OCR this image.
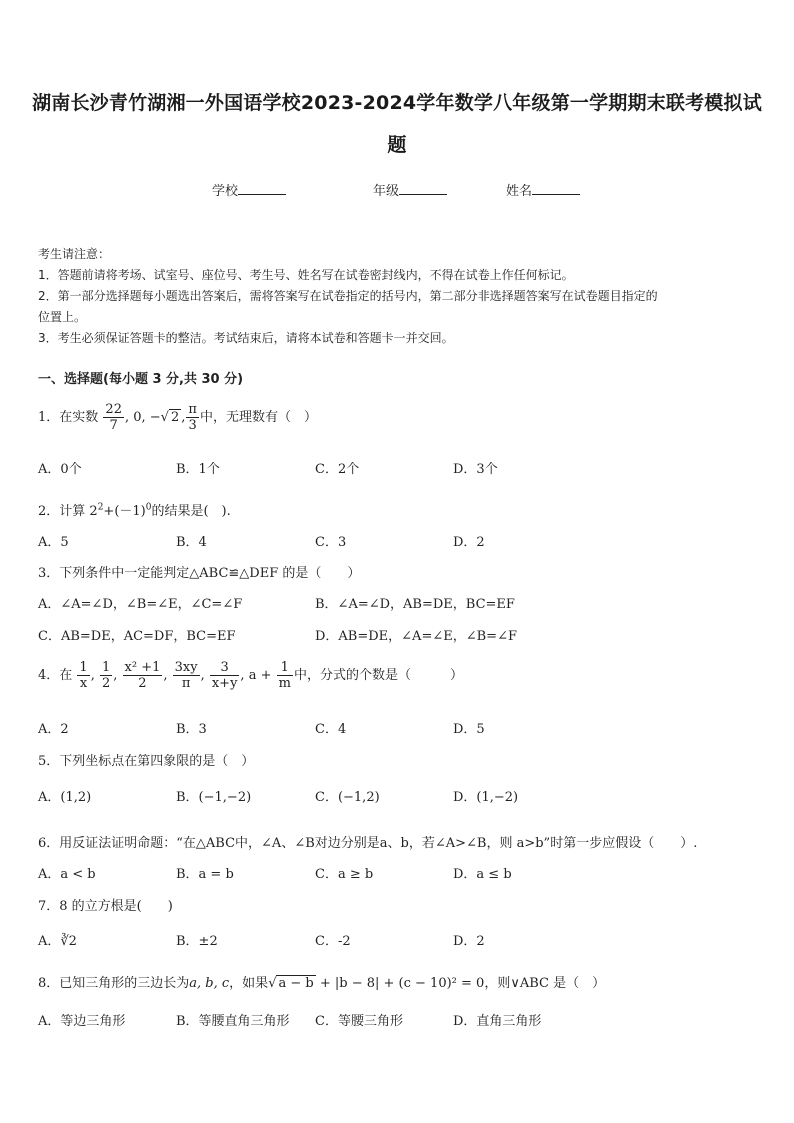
湖南长沙青竹湖湘一外国语学校2023-2024学年数学八年级第一学期期末联考模拟试
题
学校	年级	姓名
考生请注意：
1．答题前请将考场、试室号、座位号、考生号、姓名写在试卷密封线内，不得在试卷上作任何标记。
2．第一部分选择题每小题选出答案后，需将答案写在试卷指定的括号内，第二部分非选择题答案写在试卷题目指定的
位置上。
3．考生必须保证答题卡的整洁。考试结束后，请将本试卷和答题卡一并交回。
一、选择题(每小题 3 分,共 30 分)
1．在实数 $\frac{22}{7}$ , 0, −√ 2 , $\frac{\pi}{3}$ 中，无理数有（　）
A．0个	B．1个	C．2个	D．3个
2．计算 $2^2+(-1)^0$的结果是(　).
A．5	B．4	C．3	D．2
3．下列条件中一定能判定△ABC≌△DEF 的是（　　）
A．∠A=∠D，∠B=∠E，∠C=∠F	B．∠A=∠D，AB=DE，BC=EF
C．AB=DE，AC=DF，BC=EF	D．AB=DE，∠A=∠E，∠B=∠F
4．在 $\frac{1}{x}$ , $\frac{1}{2}$ , $\frac{\text{x² +1}}{2}$ , $\frac{3xy}{\pi}$ , $\frac{3}{x+y}$ , $a + \frac{1}{m}$ 中，分式的个数是（　　　）
A．2	B．3	C．4	D．5
5．下列坐标点在第四象限的是（　）
A．(1,2)	B．(−1,−2)	C．(−1,2)	D．(1,−2)
6．用反证法证明命题：“在△ABC中，∠A、∠B对边分别是a、b，若∠A>∠B，则 a>b”时第一步应假设（　　）.
A．a < b	B．a = b	C．a ≥ b	D．a ≤ b
7．8 的立方根是(　　)
A．∛2	B．±2	C．-2	D．2
8．已知三角形的三边长为a, b, c，如果√ a − b + |b − 8| + (c − 10)² = 0，则∨ABC 是（　）
A．等边三角形	B．等腰直角三角形 C．等腰三角形	D．直角三角形
